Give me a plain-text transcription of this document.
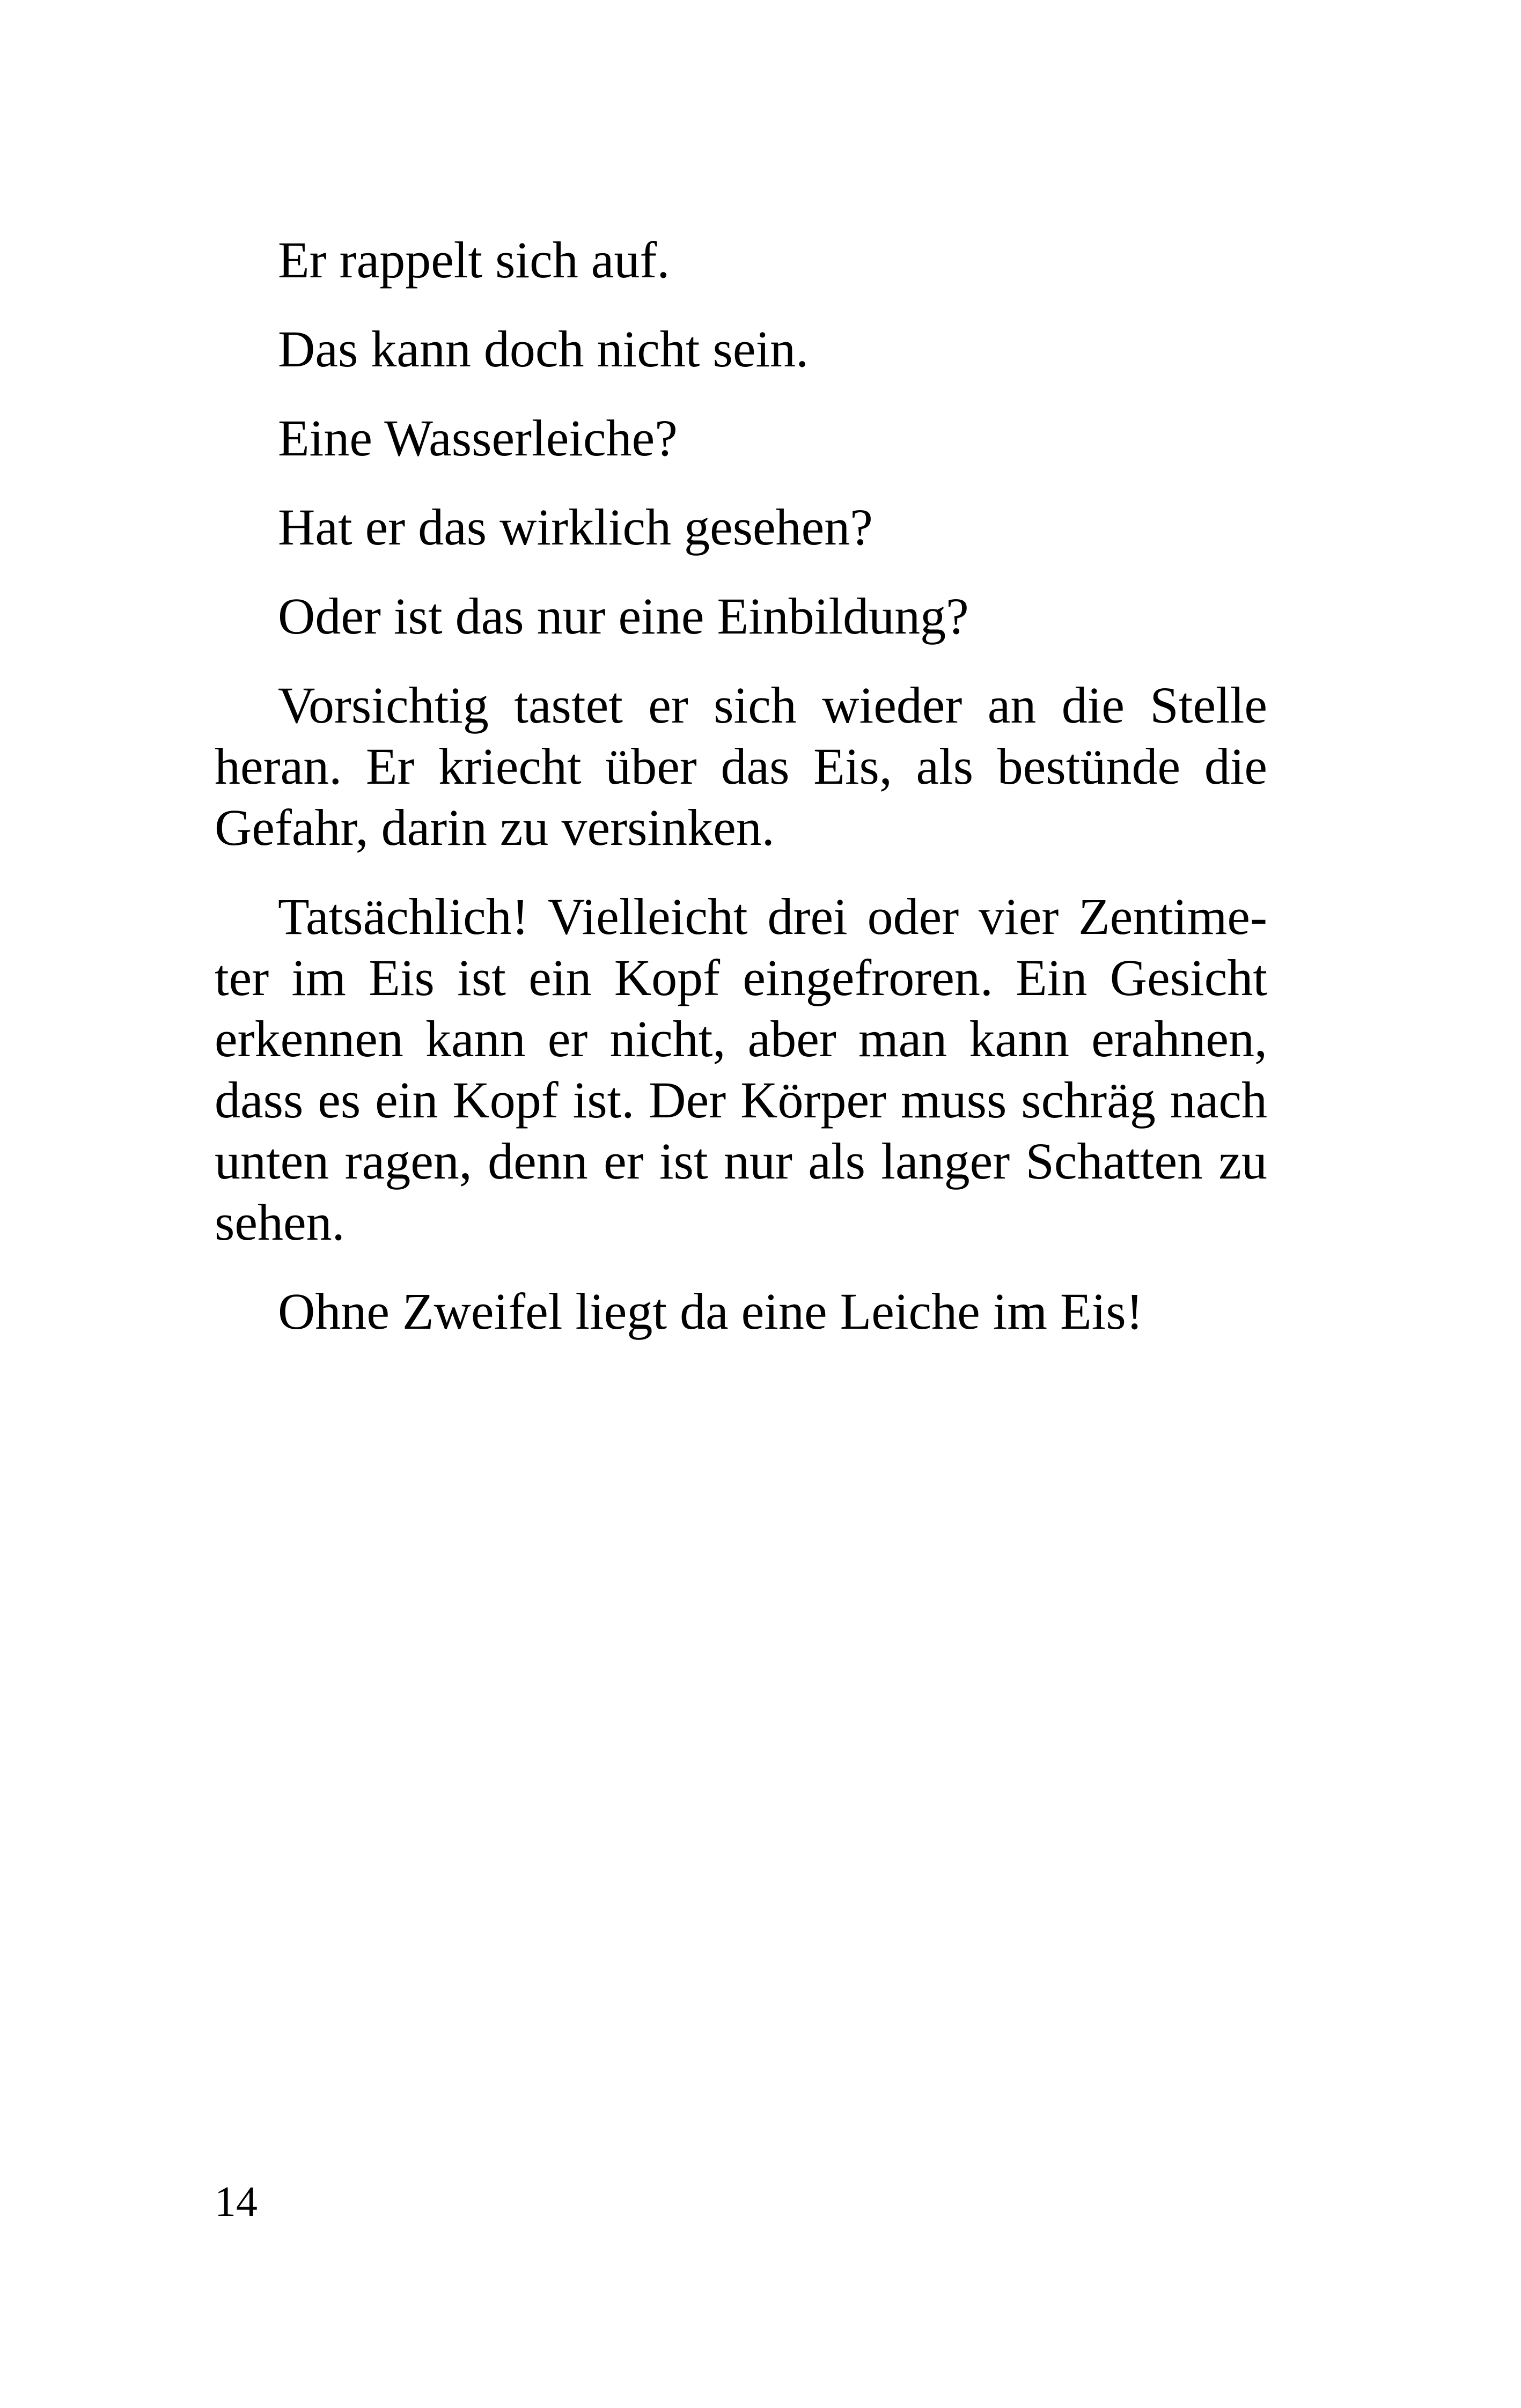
Er rappelt sich auf.

Das kann doch nicht sein.

Eine Wasserleiche?

Hat er das wirklich gesehen?

Oder ist das nur eine Einbildung?

Vorsichtig tastet er sich wieder an die Stelle heran. Er kriecht über das Eis, als bestünde die Gefahr, darin zu versinken.

Tatsächlich! Vielleicht drei oder vier Zentimeter im Eis ist ein Kopf eingefroren. Ein Gesicht erkennen kann er nicht, aber man kann erahnen, dass es ein Kopf ist. Der Körper muss schräg nach unten ragen, denn er ist nur als langer Schatten zu sehen.

Ohne Zweifel liegt da eine Leiche im Eis!

14
